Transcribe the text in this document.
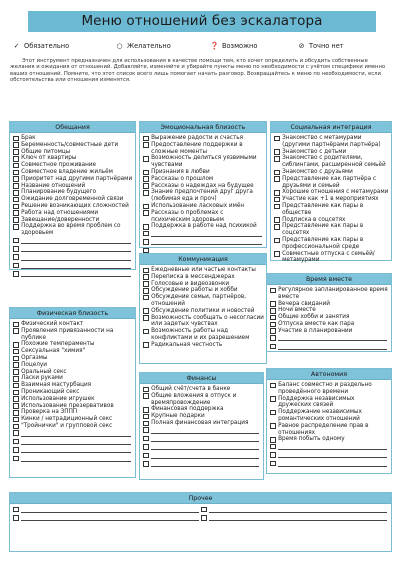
Меню отношений без эскалатора
✓ Обязательно	○ Желательно	❓ Возможно	⊘ Точно нет
Этот инструмент предназначен для использования в качестве помощи тем, кто хочет определить и обсудить собственные желания и ожидания от отношений. Добавляйте, изменяйте и убирайте пункты меню по необходимости с учётом специфики именно ваших отношений. Помните, что этот список всего лишь помогает начать разговор. Возвращайтесь к меню по необходимости, если обстоятельства или отношения изменятся.
Обещания
Брак
Беременность/совместные дети
Общие питомцы
Ключ от квартиры
Совместное проживание
Совместное владение жильём
Приоритет над другими партнёрами
Название отношений
Планирование будущего
Ожидание долговременной связи
Решение возникающих сложностей
Работа над отношениями
Завещание/доверенности
Поддержка во время проблем со здоровьем
Эмоциональная близость
Выражение радости и счастья
Предоставление поддержки в сложные моменты
Возможность делиться уязвимыми чувствами
Признания в любви
Рассказы о прошлом
Рассказы о надеждах на будущее
Знание предпочтений друг друга (любимая еда и проч)
Использование ласковых имён
Рассказы о проблемах с психическим здоровьем
Поддержка в работе над психикой
Социальная интеграция
Знакомство с метамурами (другими партнёрами партнёра)
Знакомство с детьми
Знакомство с родителями, сиблингами, расширенной семьёй
Знакомство с друзьями
Представление как партнёра с друзьями и семьей
Хорошие отношения с метамурами
Участие как +1 в мероприятиях
Представление как пары в обществе
Подписка в соцсетях
Представление как пары в соцсетях
Представление как пары в профессиональной среде
Совместные отпуска с семьёй/метамурами
Коммуникация
Ежедневные или частые контакты
Переписка в мессенджерах
Голосовые и видеозвонки
Обсуждение работы и хобби
Обсуждение семьи, партнёров, отношений
Обсуждение политики и новостей
Возможность сообщать о несогласии или задетых чувствах
Возможность работы над конфликтами и их разрешением
Радикальная честность
Время вместе
Регулярное запланированное время вместе
Вечера свиданий
Ночи вместе
Общие хобби и занятия
Отпуска вместе как пара
Участие в планировании
Физическая близость
Физический контакт
Проявления привязанности на публике
Похожие темпераменты
Сексуальная "химия"
Оргазмы
Поцелуи
Оральный секс
Ласки руками
Взаимная мастурбация
Проникающий секс
Использование игрушек
Использование презервативов
Проверка на ЗППП
Кинки / нетрадиционный секс
"Тройнички" и групповой секс
Автономия
Баланс совместно и раздельно проведённого времени
Поддержка независимых дружеских связей
Поддержание независимых романтических отношений
Равное распределение прав в отношениях
Время побыть одному
Финансы
Общий счёт/счета в банке
Общие вложения в отпуск и времяпровождение
Финансовая поддержка
Крупные подарки
Полная финансовая интеграция
Прочее
